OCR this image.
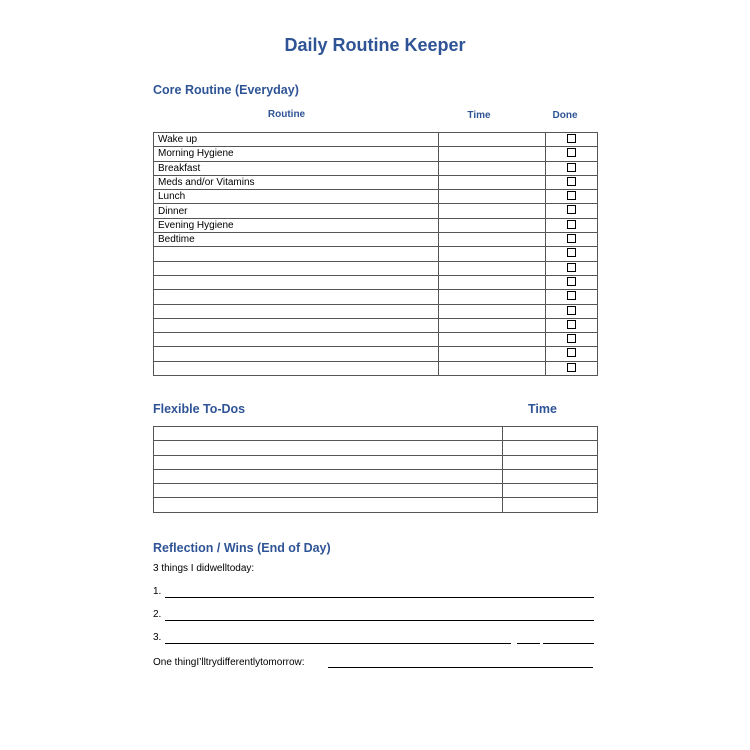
Daily Routine Keeper
Core Routine (Everyday)
Routine	Time	Done
Wake up		
Morning Hygiene		
Breakfast		
Meds and/or Vitamins		
Lunch		
Dinner		
Evening Hygiene		
Bedtime		

Flexible To-Dos	Time

Reflection / Wins (End of Day)
3 things I didwelltoday:
1.
2.
3.
One thingI’lltrydifferentlytomorrow:
